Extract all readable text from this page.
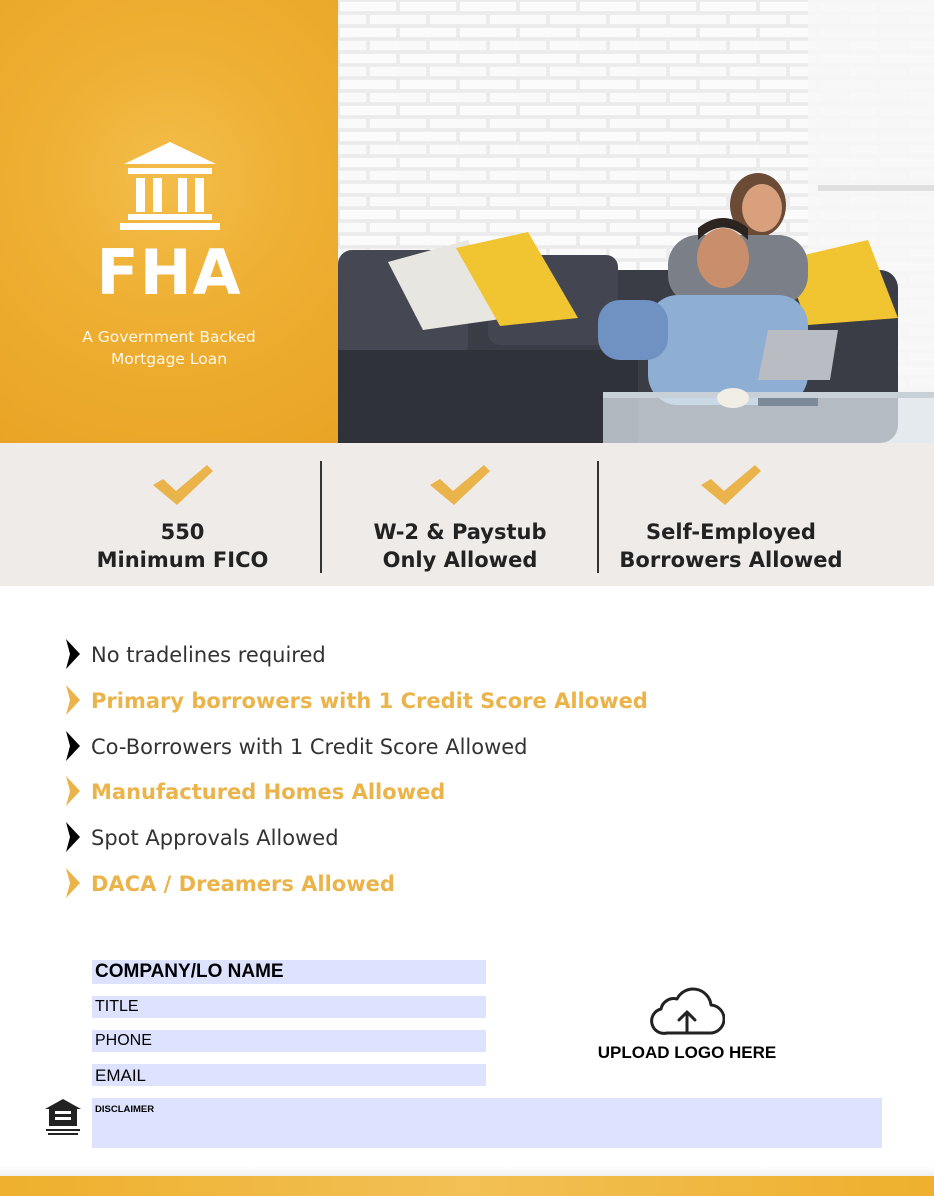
FHA
A Government Backed Mortgage Loan
550
Minimum FICO
W-2 & Paystub
Only Allowed
Self-Employed
Borrowers Allowed
No tradelines required
Primary borrowers with 1 Credit Score Allowed
Co-Borrowers with 1 Credit Score Allowed
Manufactured Homes Allowed
Spot Approvals Allowed
DACA / Dreamers Allowed
COMPANY/LO NAME
TITLE
PHONE
EMAIL
DISCLAIMER
UPLOAD LOGO HERE
